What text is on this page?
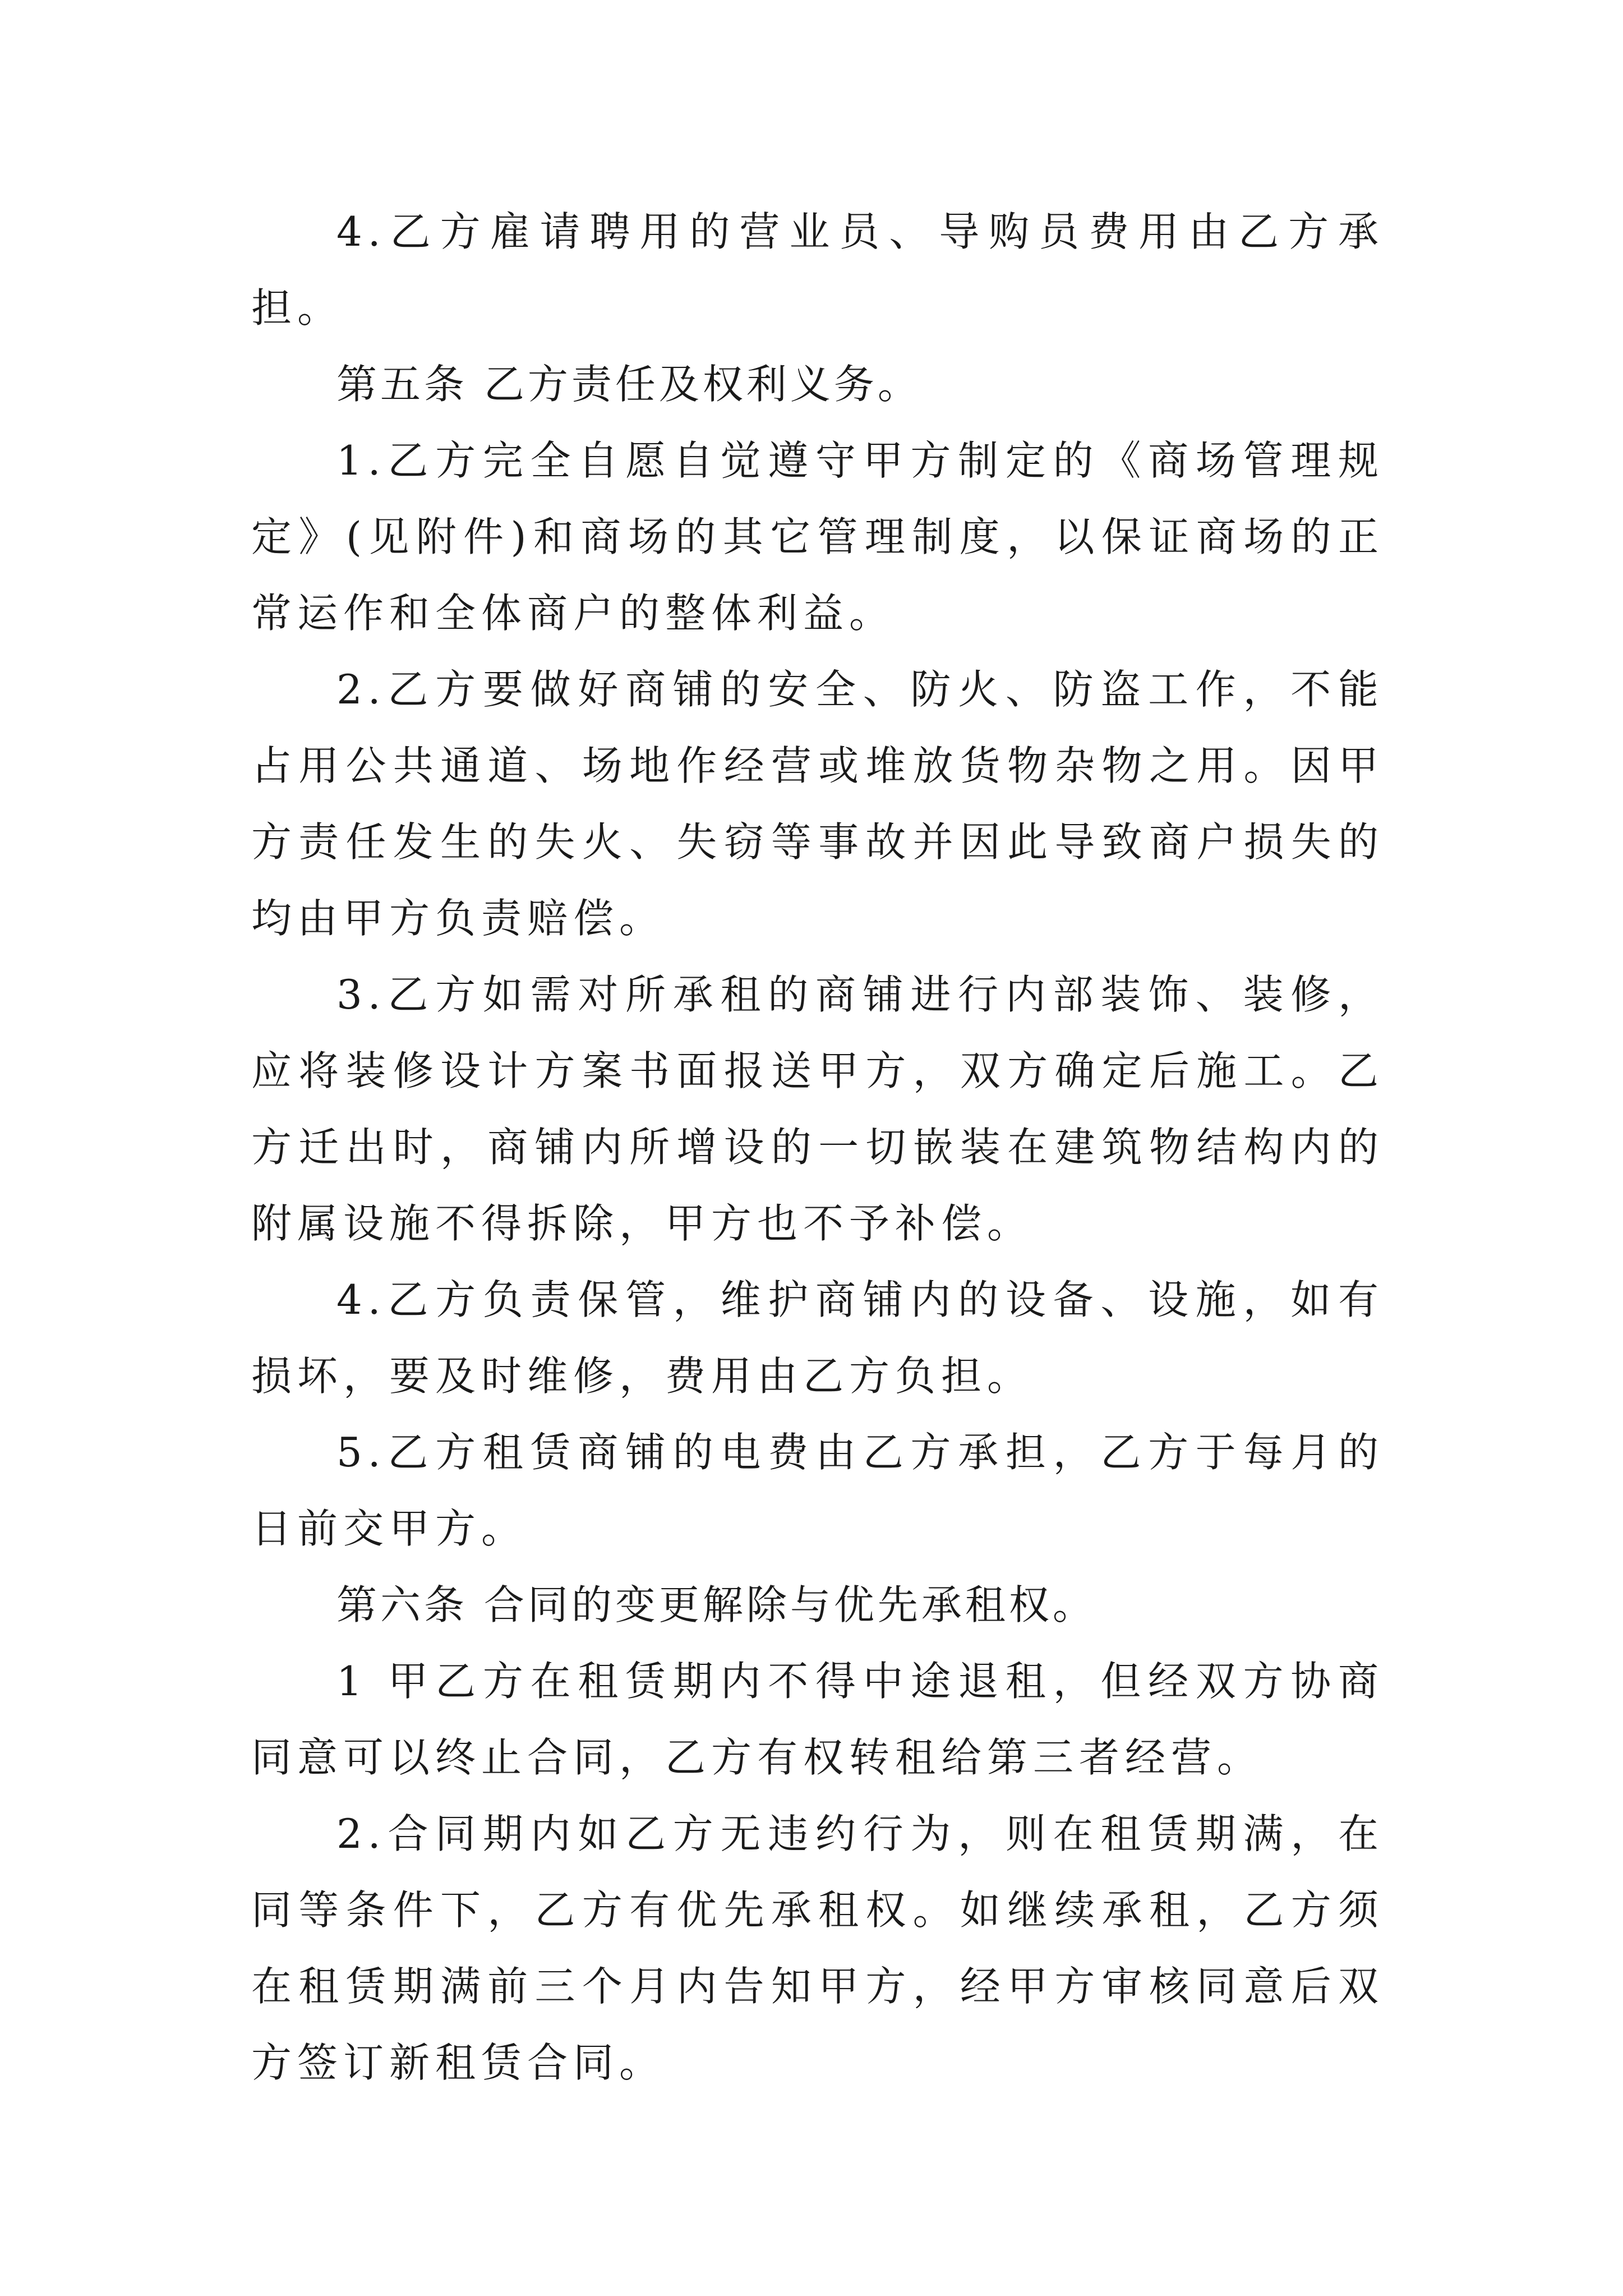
4.乙方雇请聘用的营业员、导购员费用由乙方承担。

第五条 乙方责任及权利义务。

1.乙方完全自愿自觉遵守甲方制定的《商场管理规定》(见附件)和商场的其它管理制度，以保证商场的正常运作和全体商户的整体利益。

2.乙方要做好商铺的安全、防火、防盗工作，不能占用公共通道、场地作经营或堆放货物杂物之用。因甲方责任发生的失火、失窃等事故并因此导致商户损失的均由甲方负责赔偿。

3.乙方如需对所承租的商铺进行内部装饰、装修，应将装修设计方案书面报送甲方，双方确定后施工。乙方迁出时，商铺内所增设的一切嵌装在建筑物结构内的附属设施不得拆除，甲方也不予补偿。

4.乙方负责保管，维护商铺内的设备、设施，如有损坏，要及时维修，费用由乙方负担。

5.乙方租赁商铺的电费由乙方承担，乙方于每月的 日前交甲方。

第六条 合同的变更解除与优先承租权。

1 甲乙方在租赁期内不得中途退租，但经双方协商同意可以终止合同，乙方有权转租给第三者经营。

2.合同期内如乙方无违约行为，则在租赁期满，在同等条件下，乙方有优先承租权。如继续承租，乙方须在租赁期满前三个月内告知甲方，经甲方审核同意后双方签订新租赁合同。
